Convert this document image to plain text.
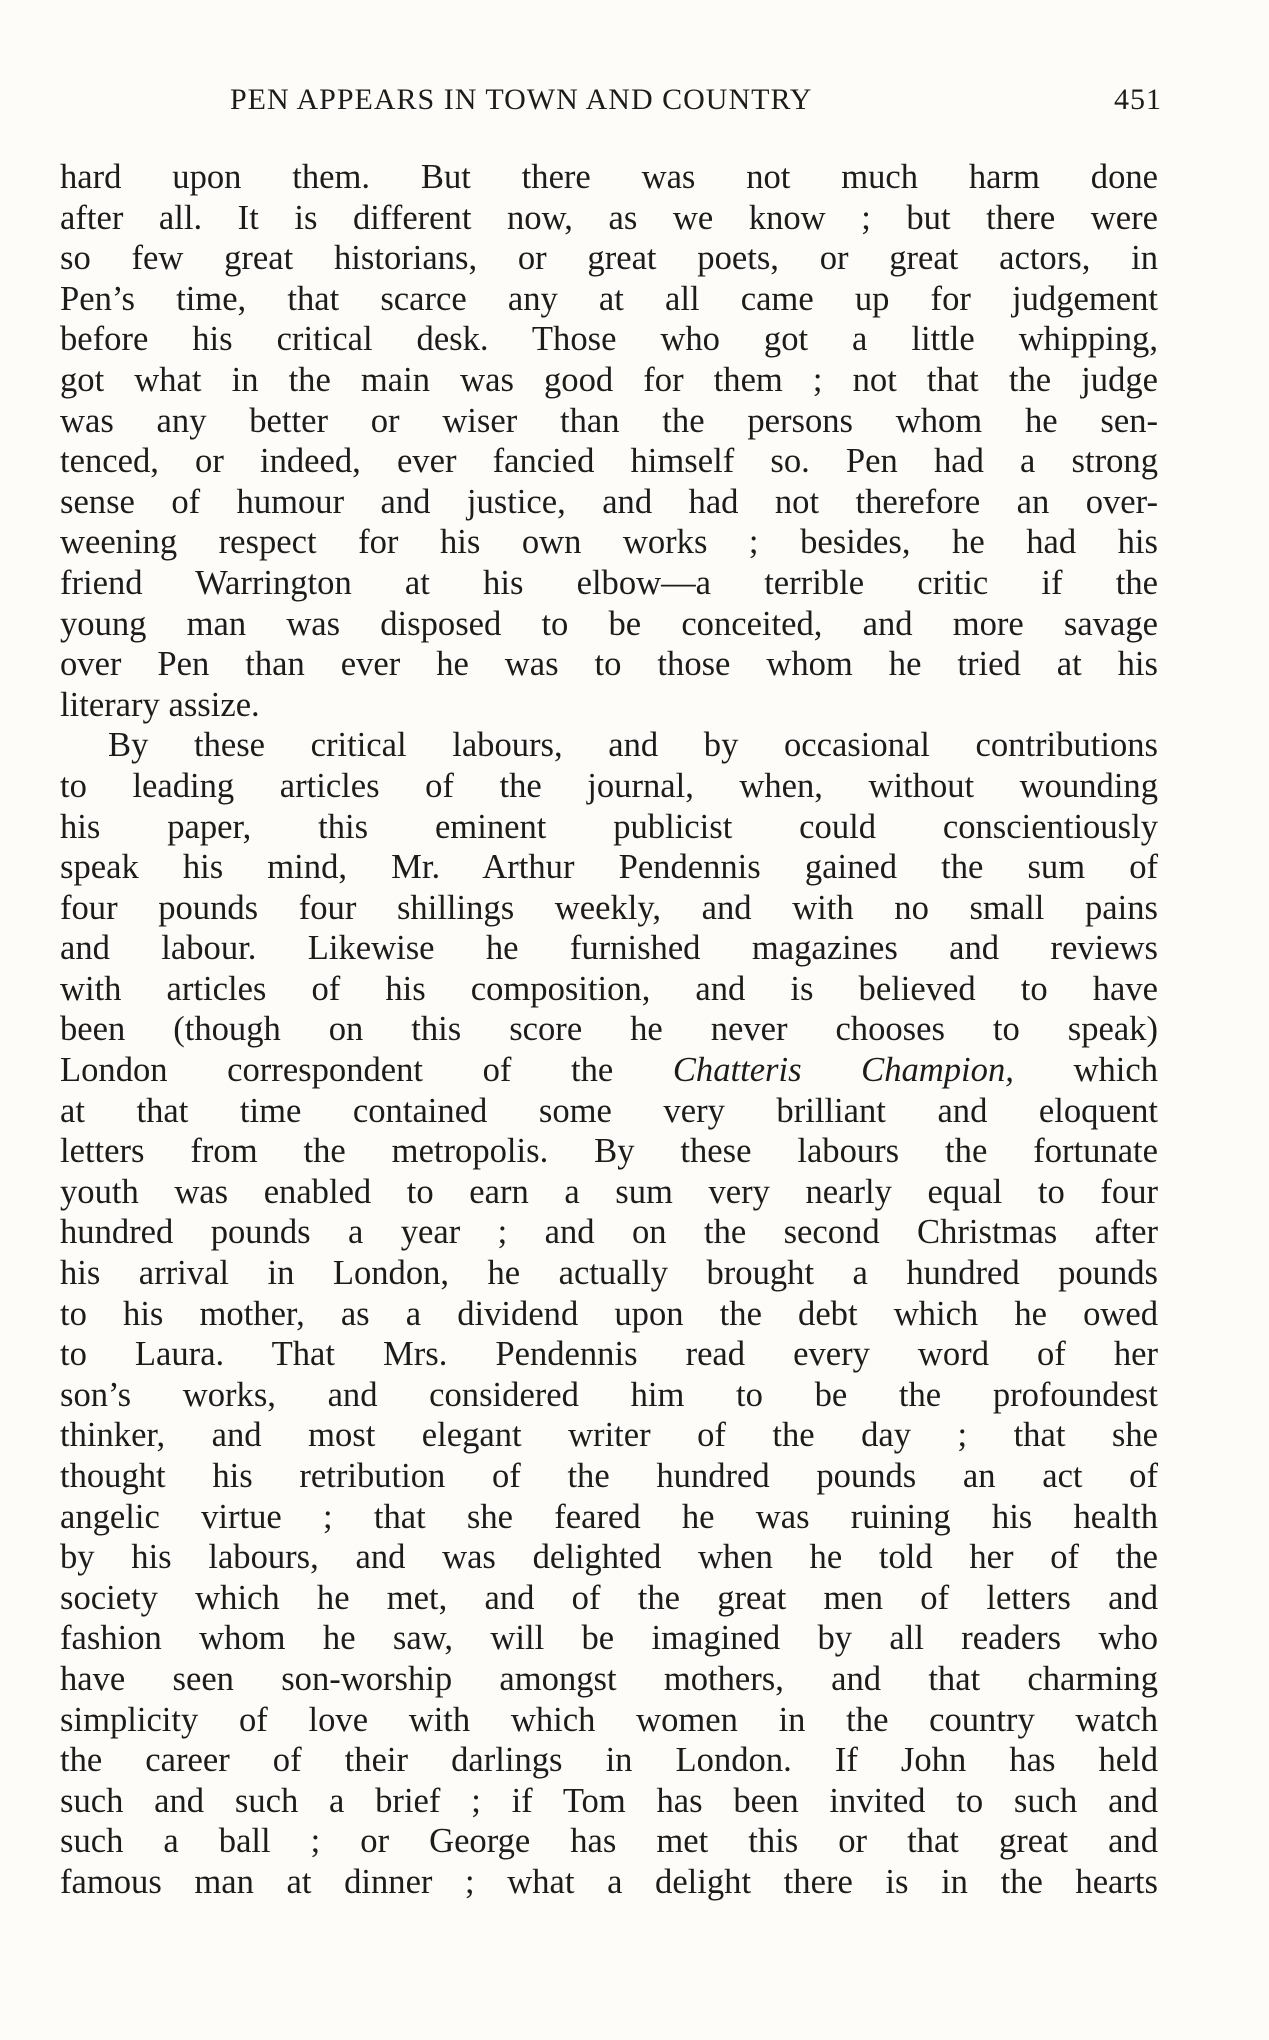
PEN APPEARS IN TOWN AND COUNTRY	451
hard upon them. But there was not much harm done
after all. It is different now, as we know ; but there were
so few great historians, or great poets, or great actors, in
Pen’s time, that scarce any at all came up for judgement
before his critical desk. Those who got a little whipping,
got what in the main was good for them ; not that the judge
was any better or wiser than the persons whom he sen-
tenced, or indeed, ever fancied himself so. Pen had a strong
sense of humour and justice, and had not therefore an over-
weening respect for his own works ; besides, he had his
friend Warrington at his elbow—a terrible critic if the
young man was disposed to be conceited, and more savage
over Pen than ever he was to those whom he tried at his
literary assize.
By these critical labours, and by occasional contributions
to leading articles of the journal, when, without wounding
his paper, this eminent publicist could conscientiously
speak his mind, Mr. Arthur Pendennis gained the sum of
four pounds four shillings weekly, and with no small pains
and labour. Likewise he furnished magazines and reviews
with articles of his composition, and is believed to have
been (though on this score he never chooses to speak)
London correspondent of the Chatteris Champion, which
at that time contained some very brilliant and eloquent
letters from the metropolis. By these labours the fortunate
youth was enabled to earn a sum very nearly equal to four
hundred pounds a year ; and on the second Christmas after
his arrival in London, he actually brought a hundred pounds
to his mother, as a dividend upon the debt which he owed
to Laura. That Mrs. Pendennis read every word of her
son’s works, and considered him to be the profoundest
thinker, and most elegant writer of the day ; that she
thought his retribution of the hundred pounds an act of
angelic virtue ; that she feared he was ruining his health
by his labours, and was delighted when he told her of the
society which he met, and of the great men of letters and
fashion whom he saw, will be imagined by all readers who
have seen son-worship amongst mothers, and that charming
simplicity of love with which women in the country watch
the career of their darlings in London. If John has held
such and such a brief ; if Tom has been invited to such and
such a ball ; or George has met this or that great and
famous man at dinner ; what a delight there is in the hearts
